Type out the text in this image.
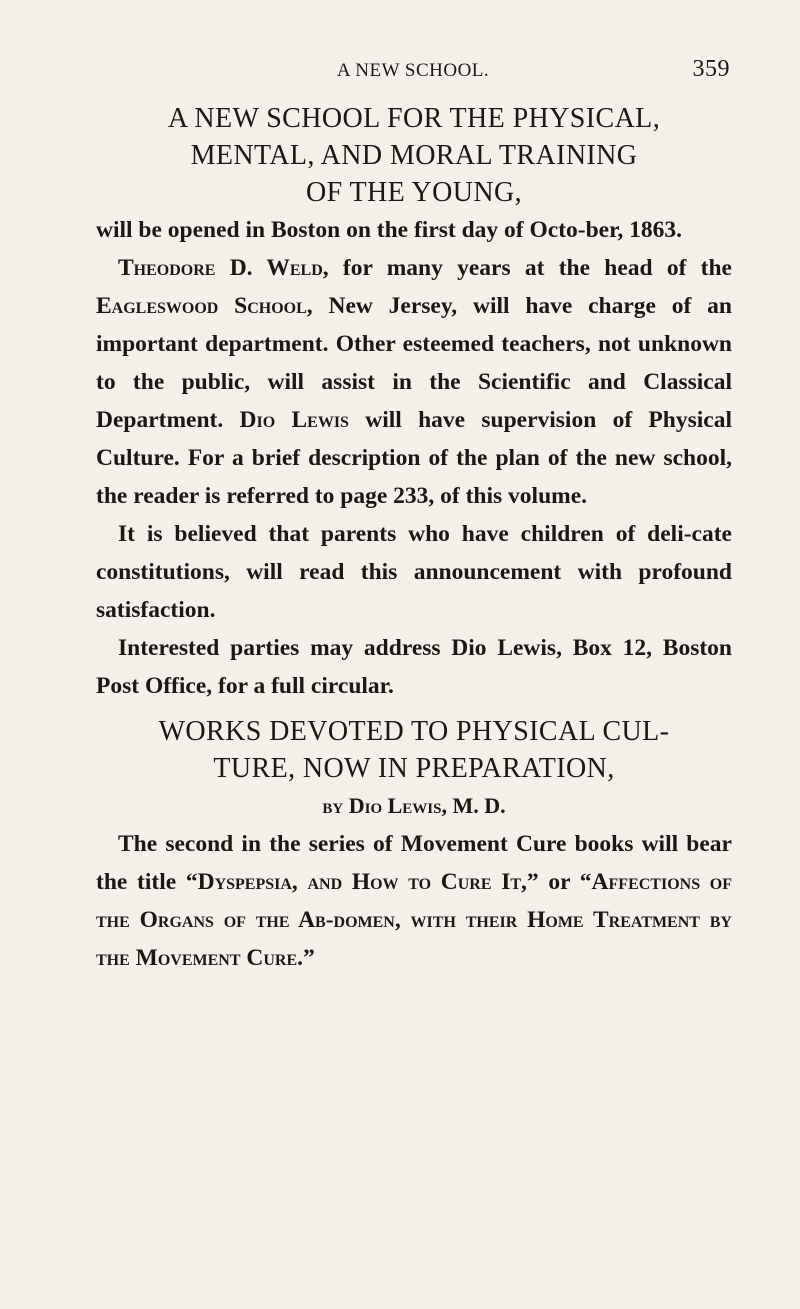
A NEW SCHOOL.	359
A NEW SCHOOL FOR THE PHYSICAL,
MENTAL, AND MORAL TRAINING
OF THE YOUNG,

will be opened in Boston on the first day of Octo-ber, 1863.

Theodore D. Weld, for many years at the head of the Eagleswood School, New Jersey, will have charge of an important department. Other esteemed teachers, not unknown to the public, will assist in the Scientific and Classical Department. Dio Lewis will have supervision of Physical Culture. For a brief description of the plan of the new school, the reader is referred to page 233, of this volume.

It is believed that parents who have children of deli-cate constitutions, will read this announcement with profound satisfaction.

Interested parties may address Dio Lewis, Box 12, Boston Post Office, for a full circular.

WORKS DEVOTED TO PHYSICAL CUL-
TURE, NOW IN PREPARATION,

by Dio Lewis, M. D.

The second in the series of Movement Cure books will bear the title “Dyspepsia, and How to Cure It,” or “Affections of the Organs of the Ab-domen, with their Home Treatment by the Movement Cure.”
